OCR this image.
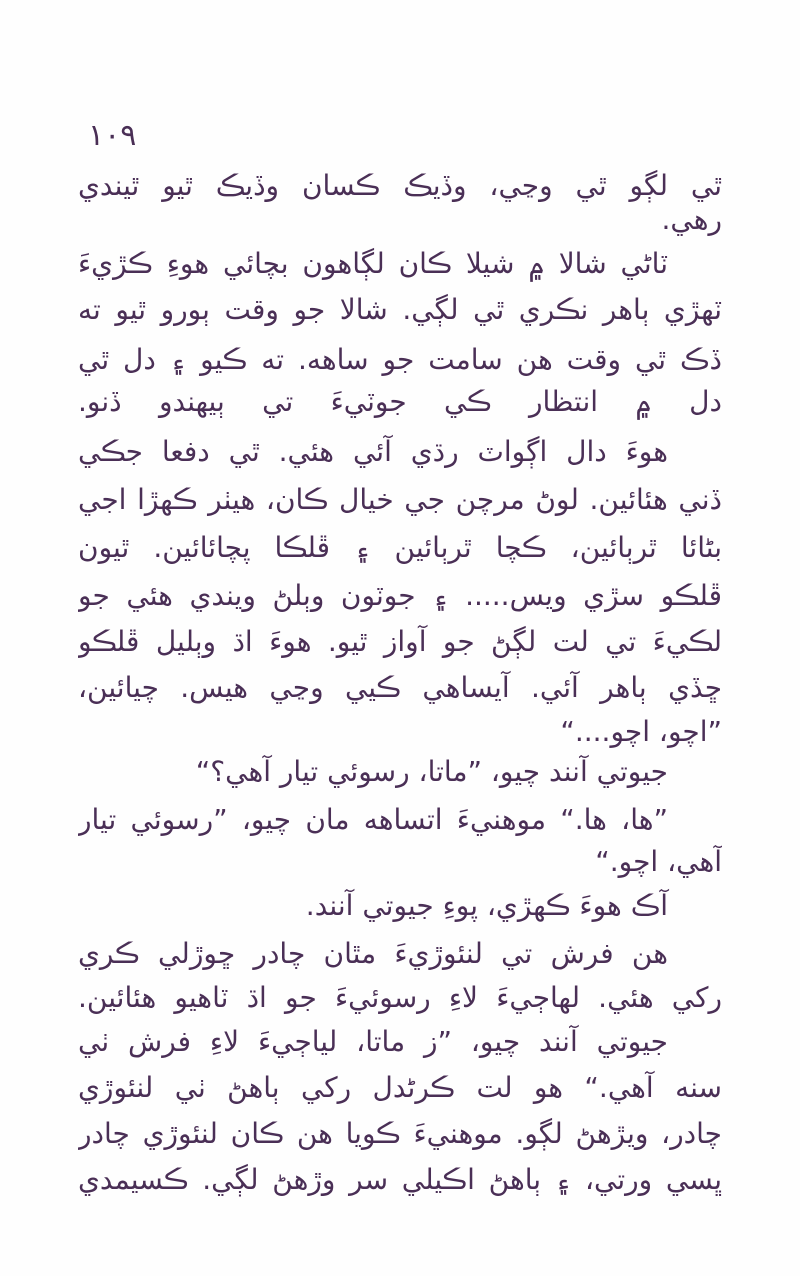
١٠٩
ٿي لڳو ٿي وڃي، وڏيڪ ڪسان وڏيڪ ٿيو ٿيندي
رهي.
ٽاڻي شالا ۾ شيلا ڪان لڳاهون بچائي هوءِ ڪڙيءَ
ٽهڙي ٻاهر نڪري ٿي لڳي. شالا جو وقت ٻورو ٿيو ته
ڏڪ ٿي وقت هن سامت جو ساهه. ته ڪيو ۽ دل ٿي
دل ۾ انتظار ڪي جوٽيءَ تي ٻيهندو ڏنو.
هوءَ دال اڳواٽ رڌي آئي هئي. ٿي دفعا جڪي
ڏني هئائين. لوڻ مرچن جي خيال ڪان، هيٺر ڪهڙا اجي
بڻائا ٿرٻائين، ڪچا ٿرٻائين ۽ ڦلڪا پچائائين. ٿيون
ڦلڪو سڙي ويس..... ۽ جوٽون وٻلڻ ويندي هئي جو
لڪيءَ تي لت لڳڻ جو آواز ٿيو. هوءَ اڌ وٻليل ڦلڪو
ڇڏي ٻاهر آئي. آيساهي ڪيي وڃي هيس. چيائين،
”اچو، اچو....“
جيوتي آنند چيو، ”ماتا، رسوئي تيار آهي؟“
”ها، ها.“ موهنيءَ اتساهه مان چيو، ”رسوئي تيار
آهي، اچو.“
آڪ هوءَ ڪهڙي، پوءِ جيوتي آنند.
هن فرش تي لنئوڙيءَ مٿان چادر ڇوڙلي ڪري
رکي هئي. لهاڄيءَ لاءِ رسوئيءَ جو اڌ ٽاهيو هئائين.
جيوتي آنند چيو، ”ز ماتا، لياڄيءَ لاءِ فرش ٺي
سنه آهي.“ هو لت ڪرڻدل رکي ٻاهڻ ٺي لنئوڙي
چادر، ويڙهڻ لڳو. موهنيءَ ڪويا هن ڪان لنئوڙي چادر
ڀسي ورتي، ۽ ٻاهڻ اڪيلي سر وڙهڻ لڳي. ڪسيمدي
